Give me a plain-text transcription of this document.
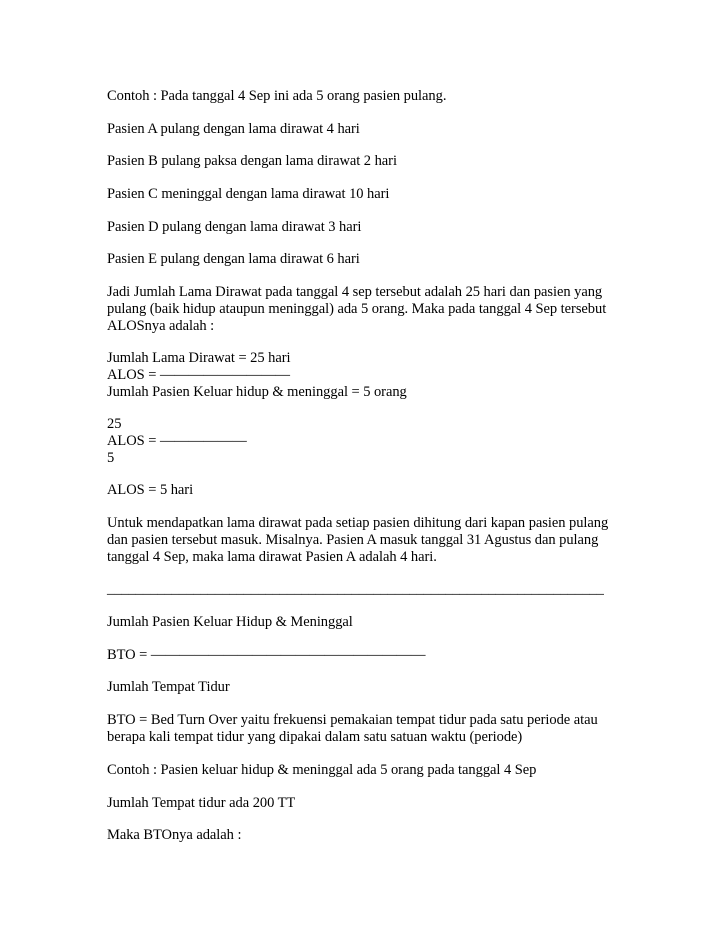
Contoh : Pada tanggal 4 Sep ini ada 5 orang pasien pulang.
Pasien A pulang dengan lama dirawat 4 hari
Pasien B pulang paksa dengan lama dirawat 2 hari
Pasien C meninggal dengan lama dirawat 10 hari
Pasien D pulang dengan lama dirawat 3 hari
Pasien E pulang dengan lama dirawat 6 hari
Jadi Jumlah Lama Dirawat pada tanggal 4 sep tersebut adalah 25 hari dan pasien yang
pulang (baik hidup ataupun meninggal) ada 5 orang. Maka pada tanggal 4 Sep tersebut
ALOSnya adalah :
Jumlah Lama Dirawat = 25 hari
ALOS = —————————
Jumlah Pasien Keluar hidup & meninggal = 5 orang
25
ALOS = ——————
5
ALOS = 5 hari
Untuk mendapatkan lama dirawat pada setiap pasien dihitung dari kapan pasien pulang
dan pasien tersebut masuk. Misalnya. Pasien A masuk tanggal 31 Agustus dan pulang
tanggal 4 Sep, maka lama dirawat Pasien A adalah 4 hari.
_____________________________________________________________________
Jumlah Pasien Keluar Hidup & Meninggal
BTO = ———————————————————
Jumlah Tempat Tidur
BTO = Bed Turn Over yaitu frekuensi pemakaian tempat tidur pada satu periode atau
berapa kali tempat tidur yang dipakai dalam satu satuan waktu (periode)
Contoh : Pasien keluar hidup & meninggal ada 5 orang pada tanggal 4 Sep
Jumlah Tempat tidur ada 200 TT
Maka BTOnya adalah :
